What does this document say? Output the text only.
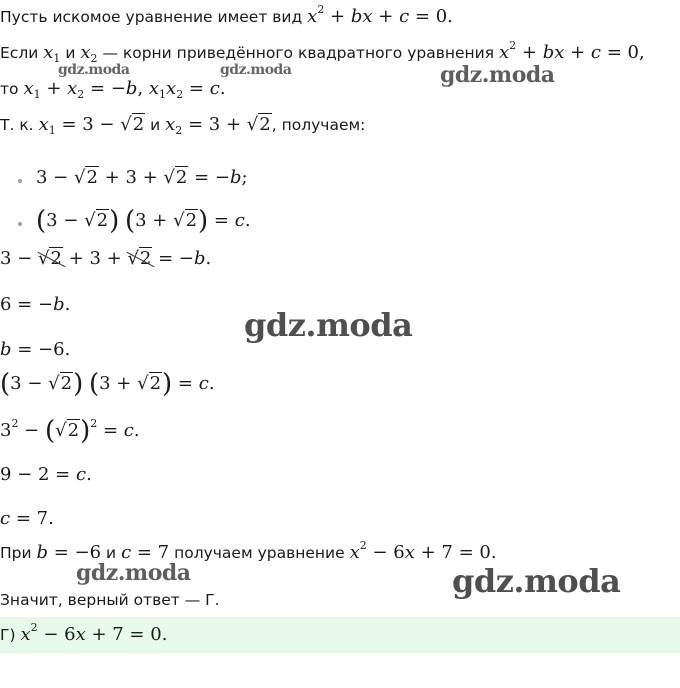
Пусть искомое уравнение имеет вид $x^2$ + bx + c = 0.
Если $x_1$ и $x_2$ — корни приведённого квадратного уравнения $x^2$ + bx + c = 0,
то $x_1 + x_2 = -b$, $x_1x_2 = c$.
Т. к. $x_1 = 3 - √2$ и $x_2 = 3 + √2$, получаем:
3 − √2 + 3 + √2 = −b;
(3 − √2) (3 + √2) = c.
3 − √2 + 3 + √2 = −b.
6 = −b.
b = −6.
(3 − √2) (3 + √2) = c.
$3^2 - (√2)^2 = c$.
9 − 2 = c.
c = 7.
При b = −6 и c = 7 получаем уравнение $x^2 - 6x + 7 = 0$.
Значит, верный ответ — Г.
Г) $x^2 - 6x + 7 = 0$.
gdz.moda	gdz.moda	gdz.moda
gdz.moda
gdz.moda	gdz.moda
